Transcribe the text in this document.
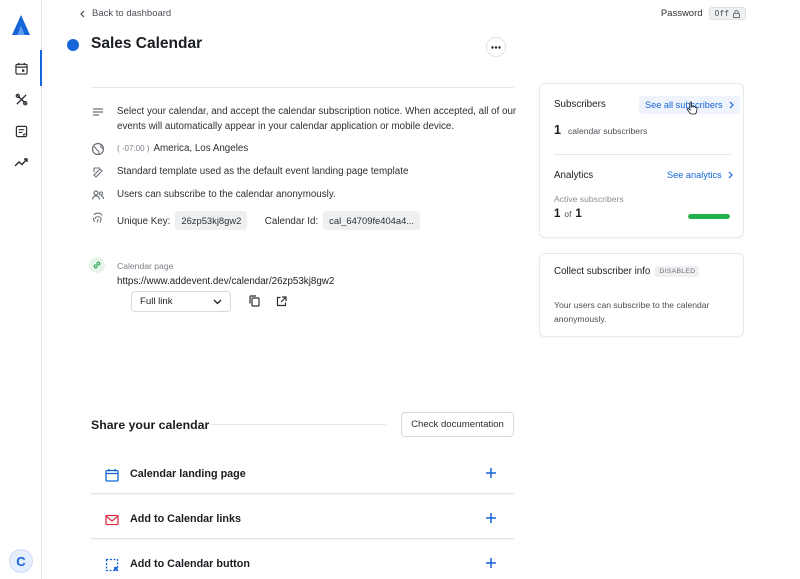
C
Back to dashboard	Password Off
Sales Calendar
Select your calendar, and accept the calendar subscription notice. When accepted, all of our
events will automatically appear in your calendar application or mobile device.
( -07:00 ) America, Los Angeles
Standard template used as the default event landing page template
Users can subscribe to the calendar anonymously.
Unique Key: 26zp53kj8gw2 Calendar Id: cal_64709fe404a4...
Calendar page
https://www.addevent.dev/calendar/26zp53kj8gw2
Full link
Subscribers	See all subscribers
1 calendar subscribers
Analytics	See analytics
Active subscribers
1 of 1
Collect subscriber info	DISABLED
Your users can subscribe to the calendar
anonymously.
Share your calendar	Check documentation
Calendar landing page
Add to Calendar links
Add to Calendar button
